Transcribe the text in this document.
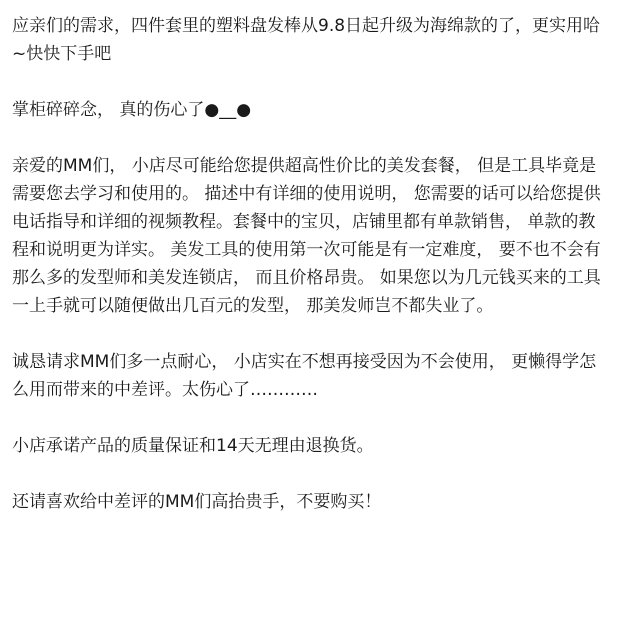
应亲们的需求，四件套里的塑料盘发棒从9.8日起升级为海绵款的了，更实用哈~快快下手吧

掌柜碎碎念， 真的伤心了●__●

亲爱的MM们， 小店尽可能给您提供超高性价比的美发套餐， 但是工具毕竟是需要您去学习和使用的。 描述中有详细的使用说明， 您需要的话可以给您提供电话指导和详细的视频教程。套餐中的宝贝，店铺里都有单款销售， 单款的教程和说明更为详实。 美发工具的使用第一次可能是有一定难度， 要不也不会有那么多的发型师和美发连锁店， 而且价格昂贵。 如果您以为几元钱买来的工具一上手就可以随便做出几百元的发型， 那美发师岂不都失业了。

诚恳请求MM们多一点耐心， 小店实在不想再接受因为不会使用， 更懒得学怎么用而带来的中差评。太伤心了…………

小店承诺产品的质量保证和14天无理由退换货。

还请喜欢给中差评的MM们高抬贵手，不要购买！
